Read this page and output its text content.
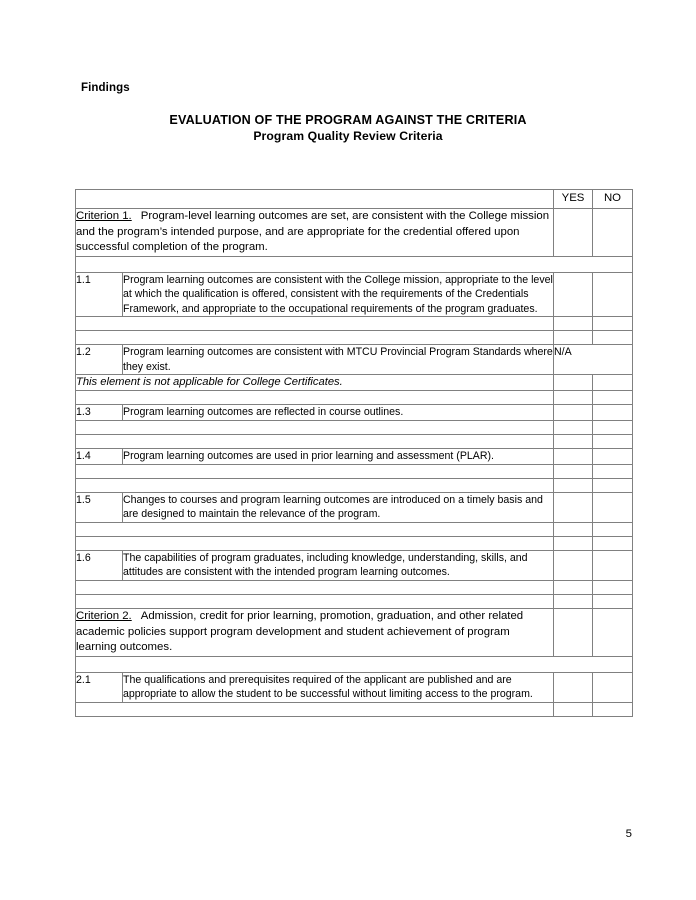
Findings
EVALUATION OF THE PROGRAM AGAINST THE CRITERIA
Program Quality Review Criteria
		YES	NO
Criterion 1. Program-level learning outcomes are set, are consistent with the College mission and the program’s intended purpose, and are appropriate for the credential offered upon successful completion of the program.			

1.1	Program learning outcomes are consistent with the College mission, appropriate to the level at which the qualification is offered, consistent with the requirements of the Credentials Framework, and appropriate to the occupational requirements of the program graduates.		

1.2	Program learning outcomes are consistent with MTCU Provincial Program Standards where they exist.	N/A	
This element is not applicable for College Certificates.			

1.3	Program learning outcomes are reflected in course outlines.		

1.4	Program learning outcomes are used in prior learning and assessment (PLAR).		

1.5	Changes to courses and program learning outcomes are introduced on a timely basis and are designed to maintain the relevance of the program.		

1.6	The capabilities of program graduates, including knowledge, understanding, skills, and attitudes are consistent with the intended program learning outcomes.		

Criterion 2. Admission, credit for prior learning, promotion, graduation, and other related academic policies support program development and student achievement of program learning outcomes.			

2.1	The qualifications and prerequisites required of the applicant are published and are appropriate to allow the student to be successful without limiting access to the program.		

5
